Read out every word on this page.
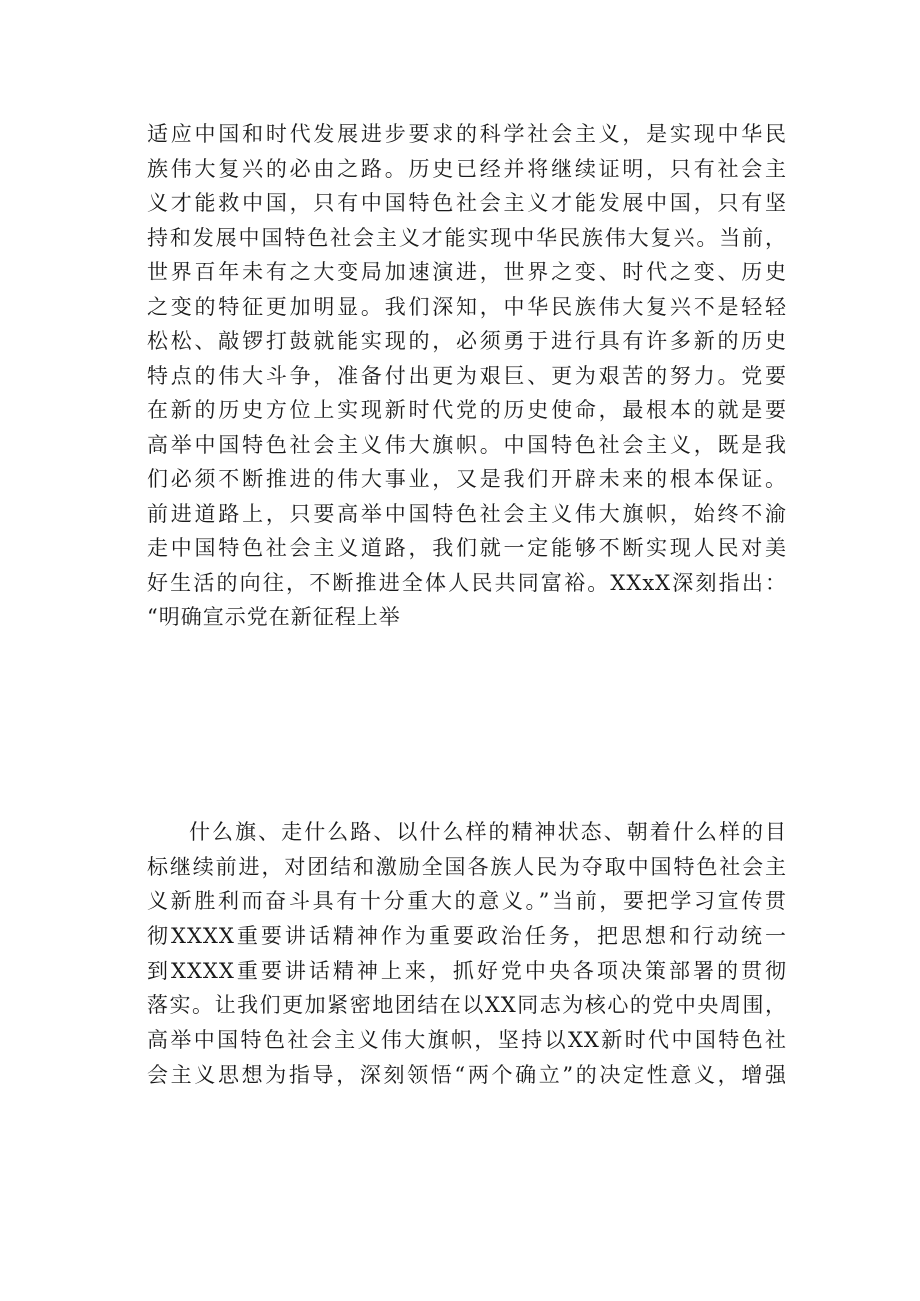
适应中国和时代发展进步要求的科学社会主义，是实现中华民
族伟大复兴的必由之路。历史已经并将继续证明，只有社会主
义才能救中国，只有中国特色社会主义才能发展中国，只有坚
持和发展中国特色社会主义才能实现中华民族伟大复兴。当前，
世界百年未有之大变局加速演进，世界之变、时代之变、历史
之变的特征更加明显。我们深知，中华民族伟大复兴不是轻轻
松松、敲锣打鼓就能实现的，必须勇于进行具有许多新的历史
特点的伟大斗争，准备付出更为艰巨、更为艰苦的努力。党要
在新的历史方位上实现新时代党的历史使命，最根本的就是要
高举中国特色社会主义伟大旗帜。中国特色社会主义，既是我
们必须不断推进的伟大事业，又是我们开辟未来的根本保证。
前进道路上，只要高举中国特色社会主义伟大旗帜，始终不渝
走中国特色社会主义道路，我们就一定能够不断实现人民对美
好生活的向往，不断推进全体人民共同富裕。XXxX深刻指出：
“明确宣示党在新征程上举
什么旗、走什么路、以什么样的精神状态、朝着什么样的目
标继续前进，对团结和激励全国各族人民为夺取中国特色社会主
义新胜利而奋斗具有十分重大的意义。”当前，要把学习宣传贯
彻XXXX重要讲话精神作为重要政治任务，把思想和行动统一
到XXXX重要讲话精神上来，抓好党中央各项决策部署的贯彻
落实。让我们更加紧密地团结在以XX同志为核心的党中央周围，
高举中国特色社会主义伟大旗帜，坚持以XX新时代中国特色社
会主义思想为指导，深刻领悟“两个确立”的决定性意义，增强
